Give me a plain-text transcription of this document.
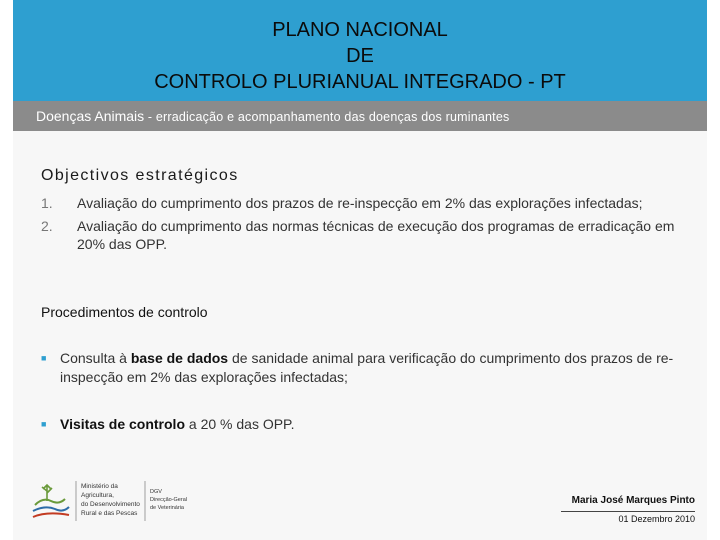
PLANO NACIONAL
DE
CONTROLO PLURIANUAL INTEGRADO - PT
Doenças Animais - erradicação e acompanhamento das doenças dos ruminantes
Objectivos estratégicos
1.	Avaliação do cumprimento dos prazos de re-inspecção em 2% das explorações infectadas;
2.	Avaliação do cumprimento das normas técnicas de execução dos programas de erradicação em 20% das OPP.
Procedimentos de controlo
■ Consulta à base de dados de sanidade animal para verificação do cumprimento dos prazos de re-inspecção em 2% das explorações infectadas;
■ Visitas de controlo a 20 % das OPP.
Ministério da
Agricultura,
do Desenvolvimento
Rural e das Pescas
DGV
Direcção-Geral
de Veterinária
Maria José Marques Pinto
01 Dezembro 2010
